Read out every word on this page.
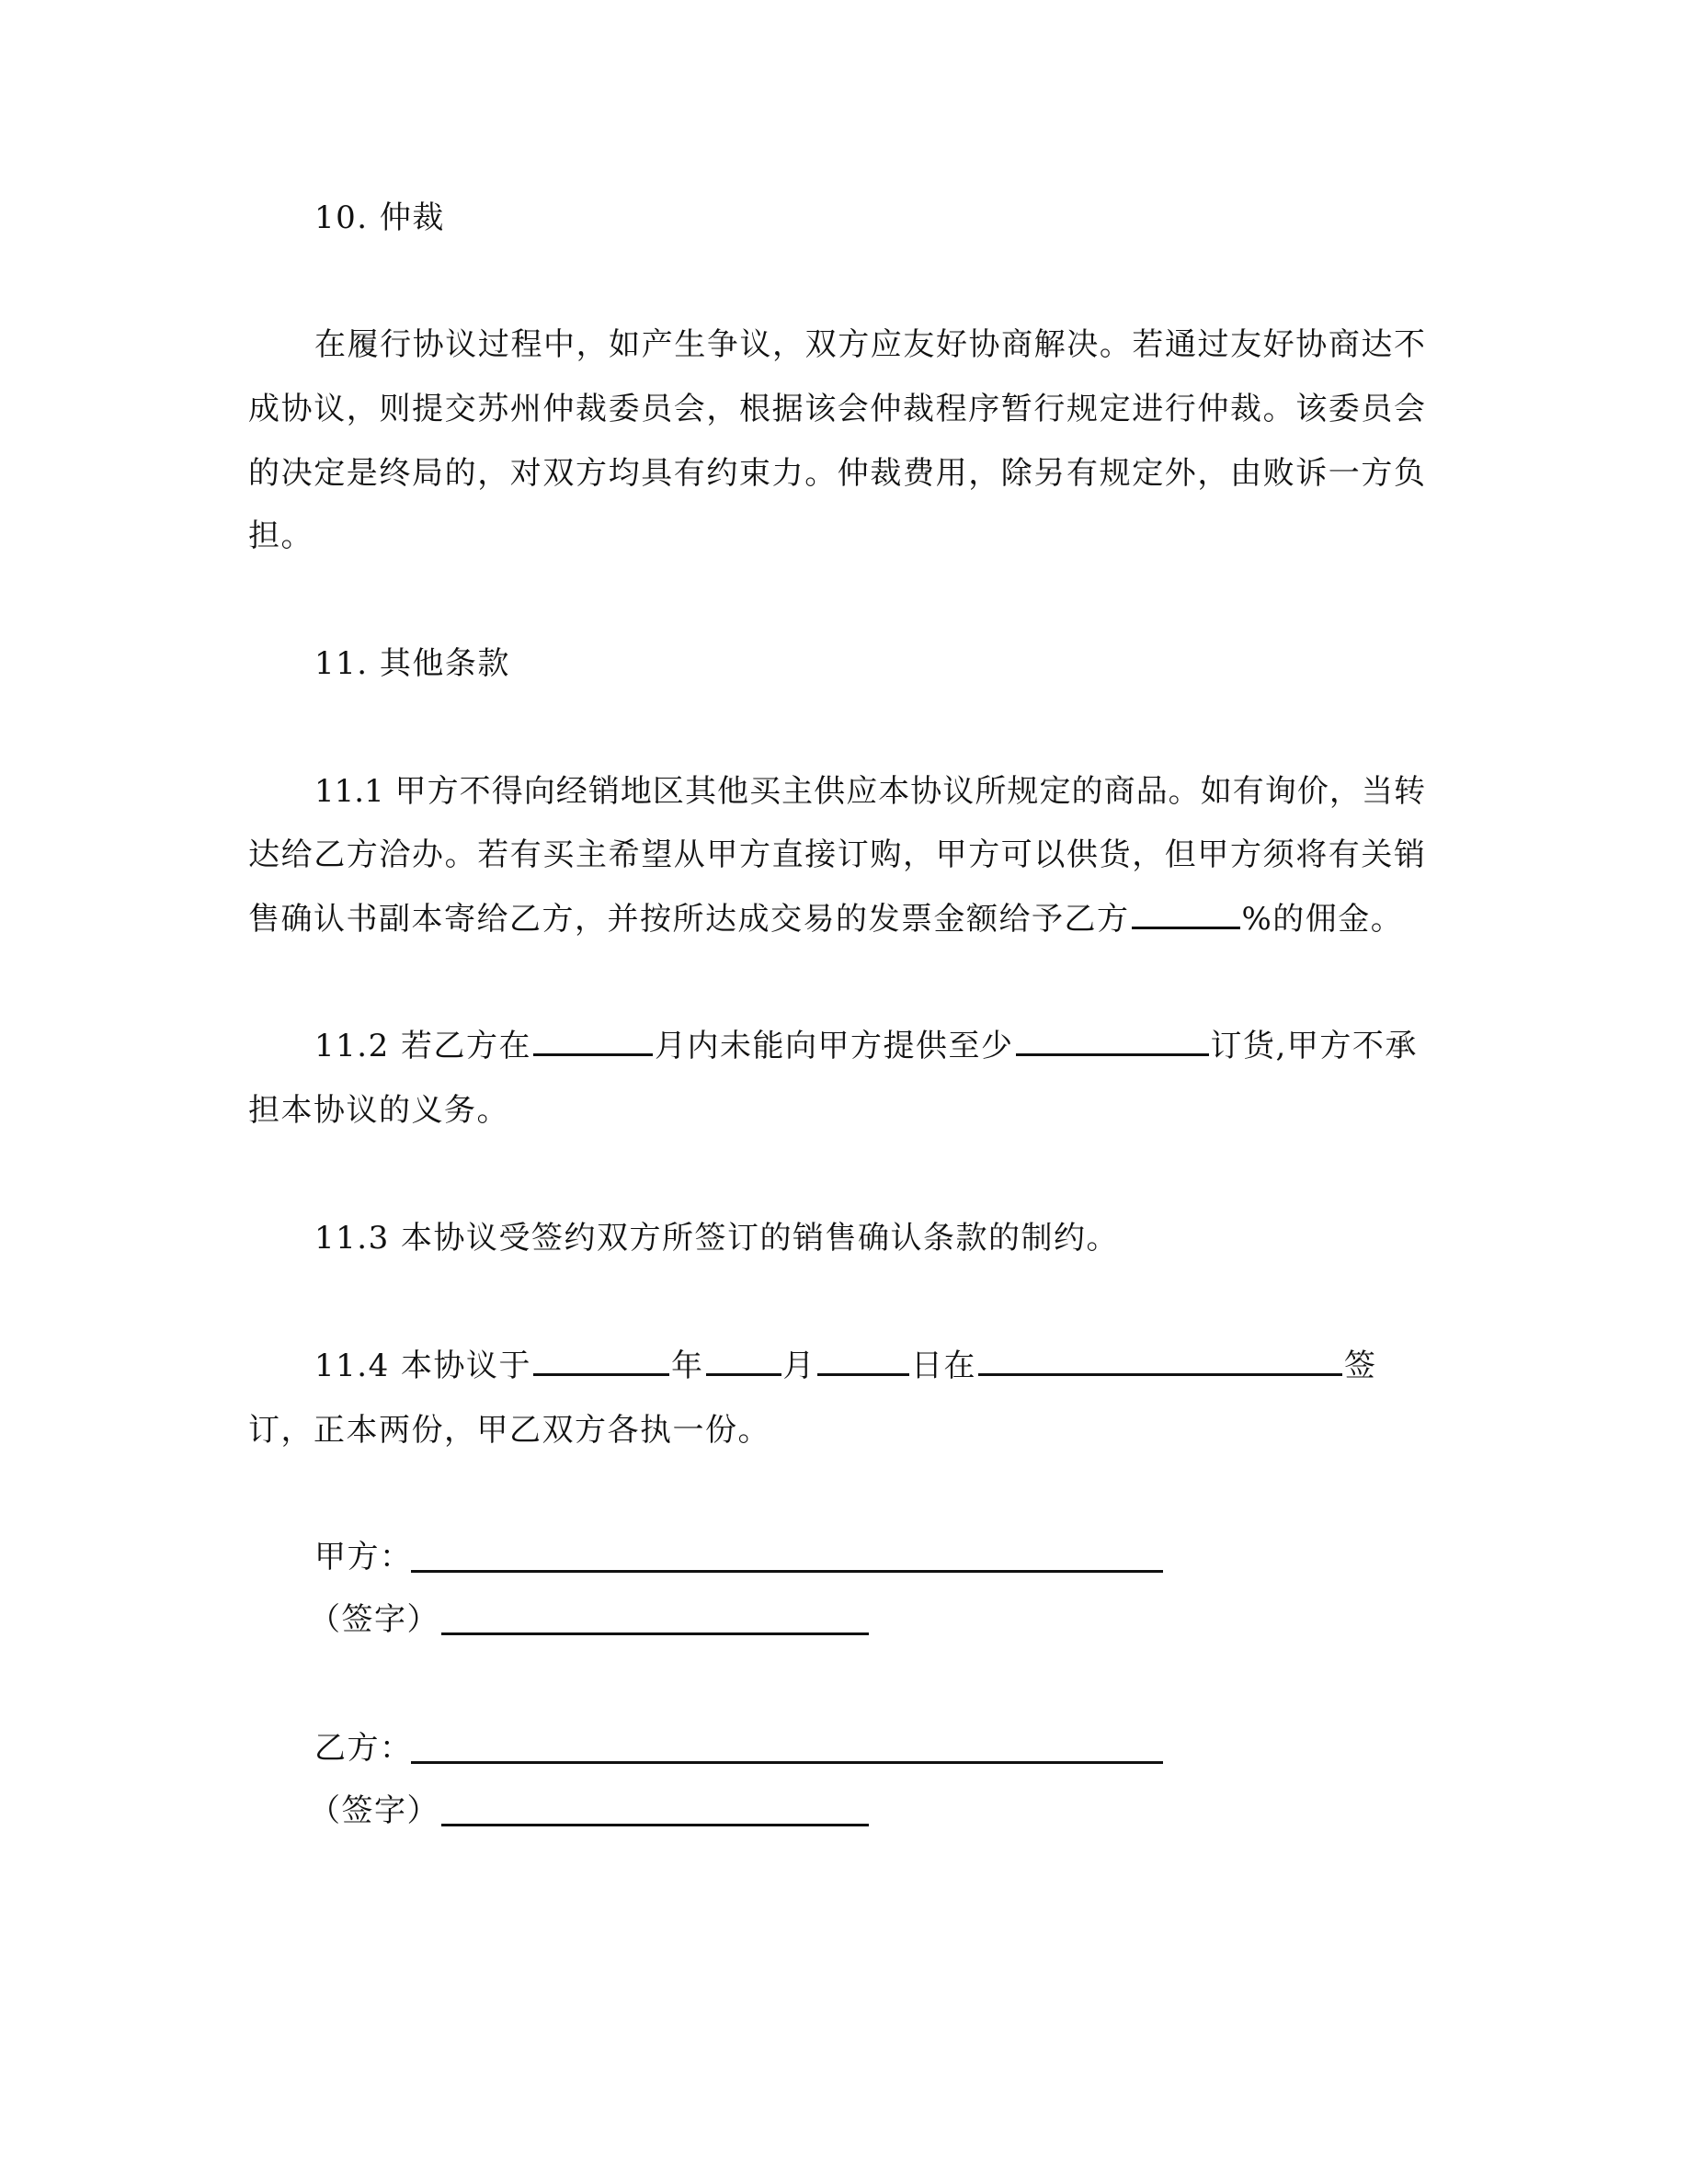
10. 仲裁
在履行协议过程中，如产生争议，双方应友好协商解决。若通过友好协商达不
成协议，则提交苏州仲裁委员会，根据该会仲裁程序暂行规定进行仲裁。该委员会
的决定是终局的，对双方均具有约束力。仲裁费用，除另有规定外，由败诉一方负
担。
11. 其他条款
11.1 甲方不得向经销地区其他买主供应本协议所规定的商品。如有询价，当转
达给乙方洽办。若有买主希望从甲方直接订购，甲方可以供货，但甲方须将有关销
售确认书副本寄给乙方，并按所达成交易的发票金额给予乙方	%的佣金。
11.2 若乙方在	月内未能向甲方提供至少	订货,甲方不承
担本协议的义务。
11.3 本协议受签约双方所签订的销售确认条款的制约。
11.4 本协议于	年	月	日在	签
订，正本两份，甲乙双方各执一份。
甲方：
（签字）
乙方：
（签字）
